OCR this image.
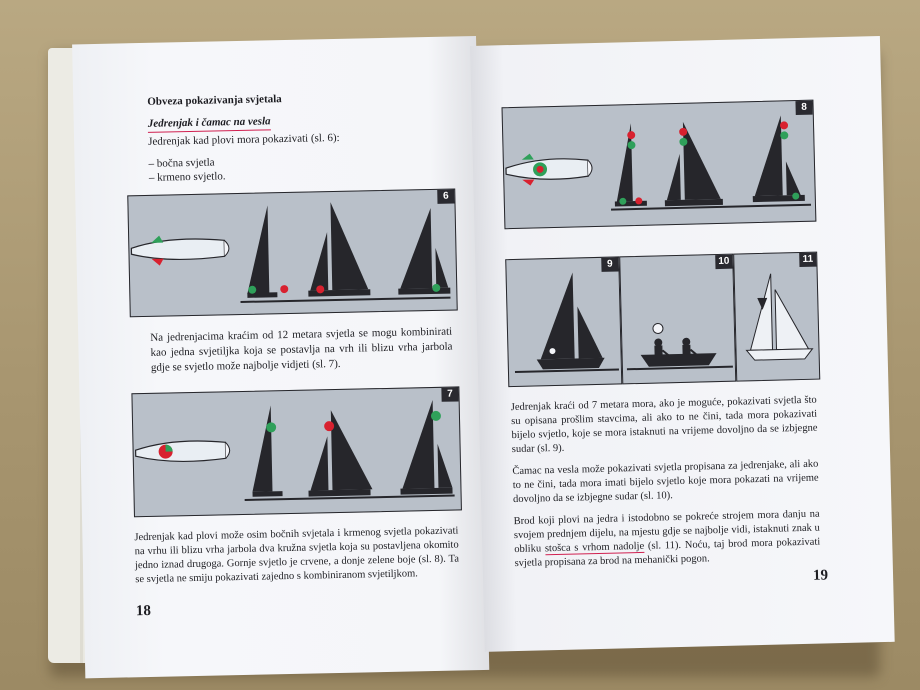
Obveza pokazivanja svjetala
Jedrenjak i čamac na vesla
Jedrenjak kad plovi mora pokazivati (sl. 6):
– bočna svjetla
– krmeno svjetlo.
6
Na jedrenjacima kraćim od 12 metara svjetla se mogu kombinirati kao jedna svjetiljka koja se postavlja na vrh ili blizu vrha jarbola gdje se svjetlo može najbolje vidjeti (sl. 7).
7
Jedrenjak kad plovi može osim bočnih svjetala i krmenog svjetla pokazivati na vrhu ili blizu vrha jarbola dva kružna svjetla koja su postavljena okomito jedno iznad drugoga. Gornje svjetlo je crvene, a donje zelene boje (sl. 8). Ta se svjetla ne smiju pokazivati zajedno s kombiniranom svjetiljkom.
18
8
9	10	11
Jedrenjak kraći od 7 metara mora, ako je moguće, pokazivati svjetla što su opisana prošlim stavcima, ali ako to ne čini, tada mora pokazivati bijelo svjetlo, koje se mora istaknuti na vrijeme dovoljno da se izbjegne sudar (sl. 9).
Čamac na vesla može pokazivati svjetla propisana za jedrenjake, ali ako to ne čini, tada mora imati bijelo svjetlo koje mora pokazati na vrijeme dovoljno da se izbjegne sudar (sl. 10).
Brod koji plovi na jedra i istodobno se pokreće strojem mora danju na svojem prednjem dijelu, na mjestu gdje se najbolje vidi, istaknuti znak u obliku stošca s vrhom nadolje (sl. 11). Noću, taj brod mora pokazivati svjetla propisana za brod na mehanički pogon.
19
